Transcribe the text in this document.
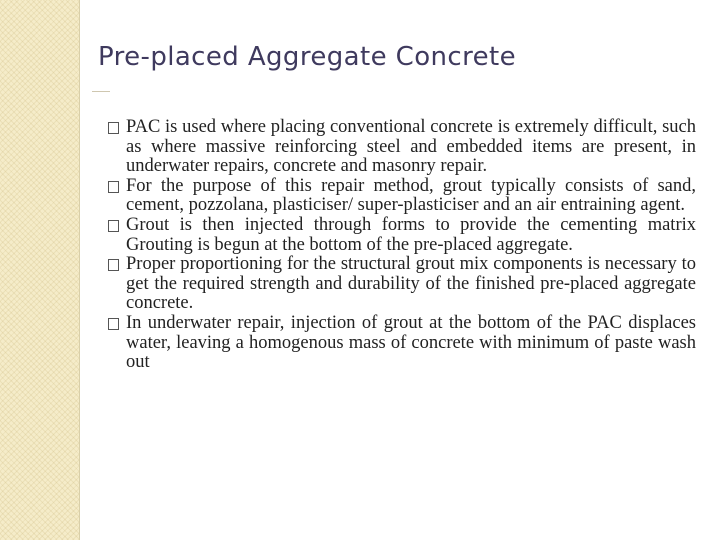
Pre-placed Aggregate Concrete
PAC is used where placing conventional concrete is extremely difficult, such as where massive reinforcing steel and embedded items are present, in underwater repairs, concrete and masonry repair.
For the purpose of this repair method, grout typically consists of sand, cement, pozzolana, plasticiser/ super-plasticiser and an air entraining agent.
Grout is then injected through forms to provide the cementing matrix Grouting is begun at the bottom of the pre-placed aggregate.
Proper proportioning for the structural grout mix components is necessary to get the required strength and durability of the finished pre-placed aggregate concrete.
In underwater repair, injection of grout at the bottom of the PAC displaces water, leaving a homogenous mass of concrete with minimum of paste wash out
